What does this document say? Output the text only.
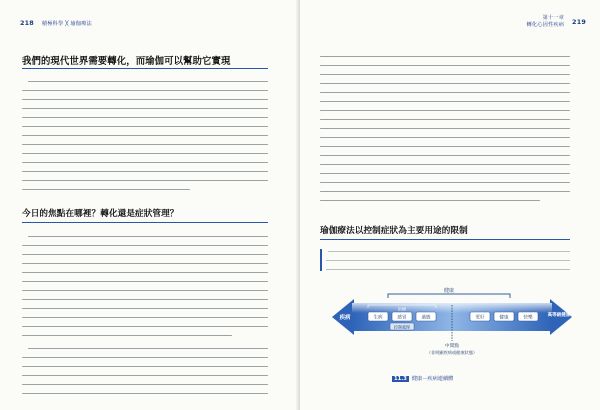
218 積極科學 ╳ 瑜伽療法
我們的現代世界需要轉化，而瑜伽可以幫助它實現
今日的焦點在哪裡？轉化還是症狀管理？
第十一章
轉化心因性疾病 219
瑜伽療法以控制症狀為主要用途的限制
健康
疾病	高等級健康
生病	感冒	過敏	愛好	健康	快樂
治療
控制處理
中間點
（非明顯疾病或健康狀態）
11.3 健康－疾病連續體
